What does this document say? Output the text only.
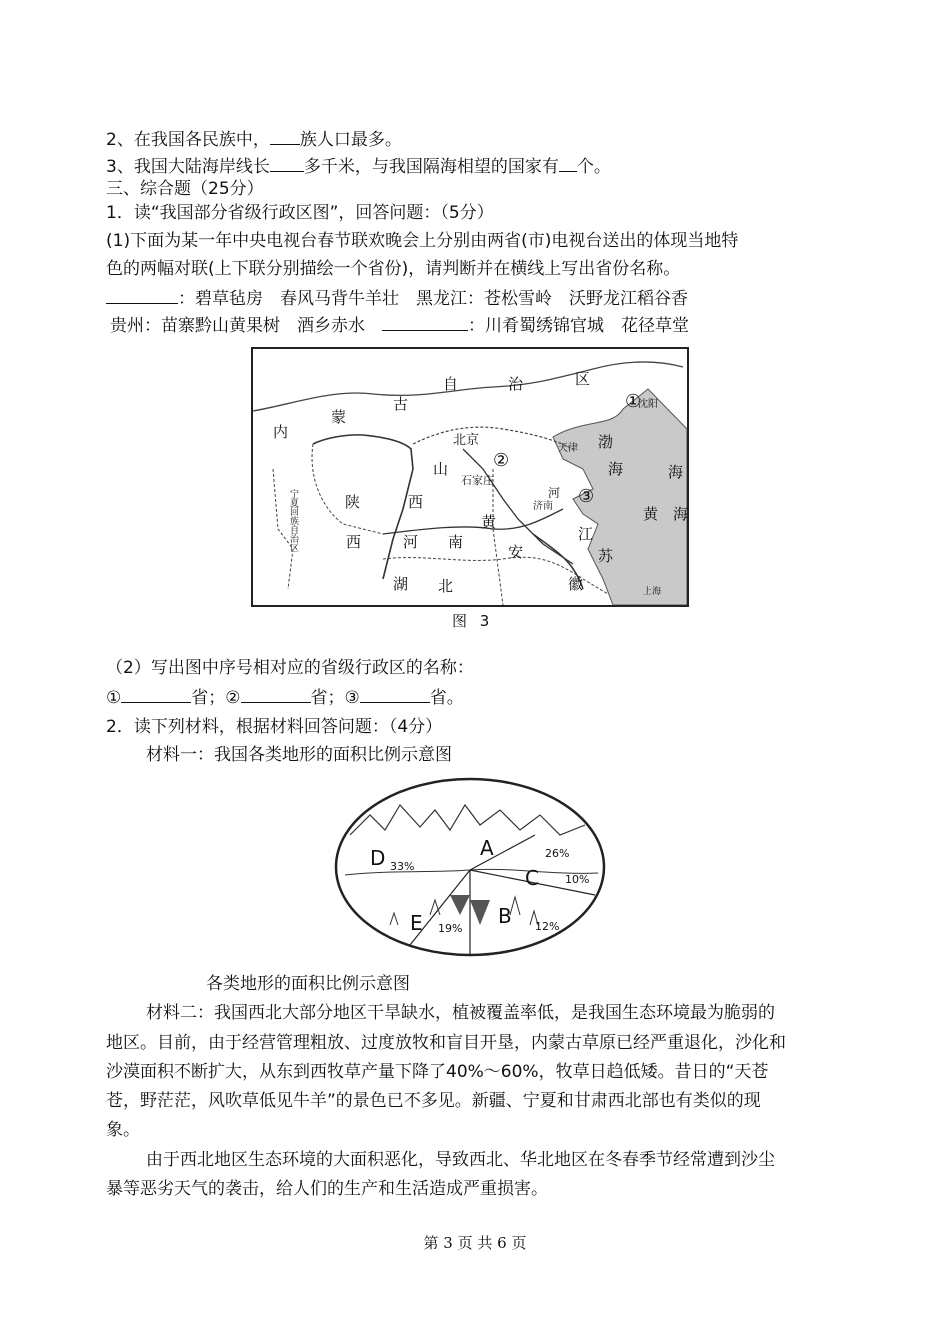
2、在我国各民族中， 族人口最多。
3、我国大陆海岸线长 多千米，与我国隔海相望的国家有 个。
三、综合题（25分）
1．读“我国部分省级行政区图”，回答问题：（5分）
(1)下面为某一年中央电视台春节联欢晚会上分别由两省(市)电视台送出的体现当地特
色的两幅对联(上下联分别描绘一个省份)，请判断并在横线上写出省份名称。
：碧草毡房　春风马背牛羊壮　黑龙江：苍松雪岭　沃野龙江稻谷香
贵州：苗寨黔山黄果树　酒乡赤水　	：川肴蜀绣锦官城　花径草堂
自	治	区
内
蒙
古
山
西
陕
西	河 南
湖 北
安
徽
江
苏
黄
渤
海	海
黄 海
北京
石家庄
济南
沈阳
天津
河
上海
宁夏回族自治区
①
②
③
图 3
（2）写出图中序号相对应的省级行政区的名称：
①	省；②	省；③	省。
2．读下列材料，根据材料回答问题：（4分）
材料一：我国各类地形的面积比例示意图
A	26%
B 12%
C 10%
D 33%
E 19%
各类地形的面积比例示意图
材料二：我国西北大部分地区干旱缺水，植被覆盖率低，是我国生态环境最为脆弱的
地区。目前，由于经营管理粗放、过度放牧和盲目开垦，内蒙古草原已经严重退化，沙化和
沙漠面积不断扩大，从东到西牧草产量下降了40%～60%，牧草日趋低矮。昔日的“天苍
苍，野茫茫，风吹草低见牛羊”的景色已不多见。新疆、宁夏和甘肃西北部也有类似的现
象。
由于西北地区生态环境的大面积恶化，导致西北、华北地区在冬春季节经常遭到沙尘
暴等恶劣天气的袭击，给人们的生产和生活造成严重损害。
第 3 页 共 6 页
